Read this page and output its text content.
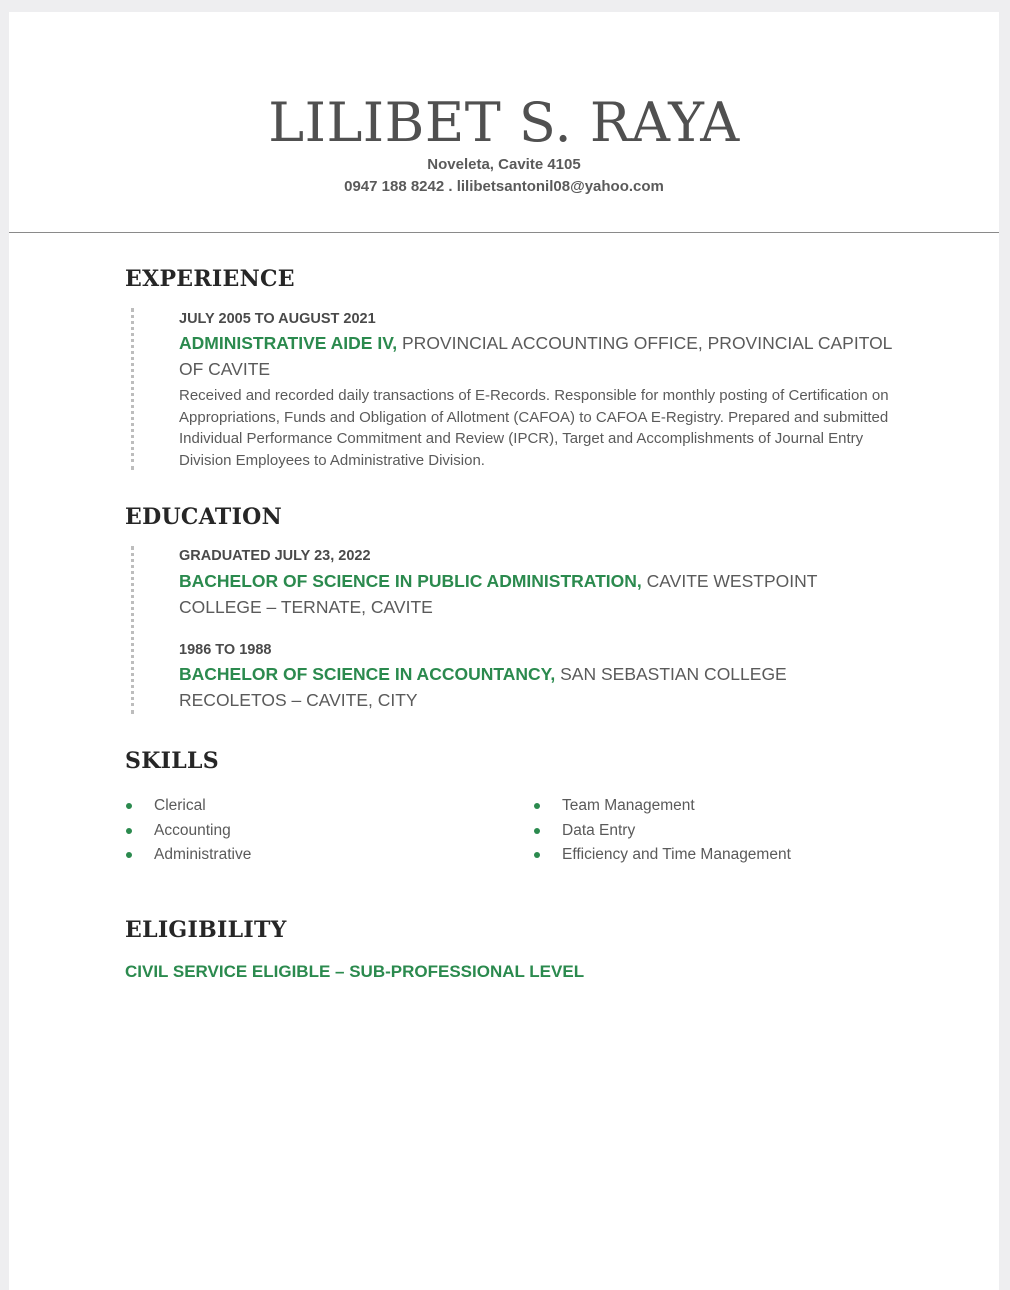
LILIBET S. RAYA
Noveleta, Cavite 4105
0947 188 8242 . lilibetsantonil08@yahoo.com
EXPERIENCE
JULY 2005 TO AUGUST 2021
ADMINISTRATIVE AIDE IV, PROVINCIAL ACCOUNTING OFFICE, PROVINCIAL CAPITOL OF CAVITE
Received and recorded daily transactions of E-Records. Responsible for monthly posting of Certification on Appropriations, Funds and Obligation of Allotment (CAFOA) to CAFOA E-Registry. Prepared and submitted Individual Performance Commitment and Review (IPCR), Target and Accomplishments of Journal Entry Division Employees to Administrative Division.
EDUCATION
GRADUATED JULY 23, 2022
BACHELOR OF SCIENCE IN PUBLIC ADMINISTRATION, CAVITE WESTPOINT COLLEGE – TERNATE, CAVITE
1986 TO 1988
BACHELOR OF SCIENCE IN ACCOUNTANCY, SAN SEBASTIAN COLLEGE RECOLETOS – CAVITE, CITY
SKILLS
Clerical
Accounting
Administrative
Team Management
Data Entry
Efficiency and Time Management
ELIGIBILITY
CIVIL SERVICE ELIGIBLE – SUB-PROFESSIONAL LEVEL
